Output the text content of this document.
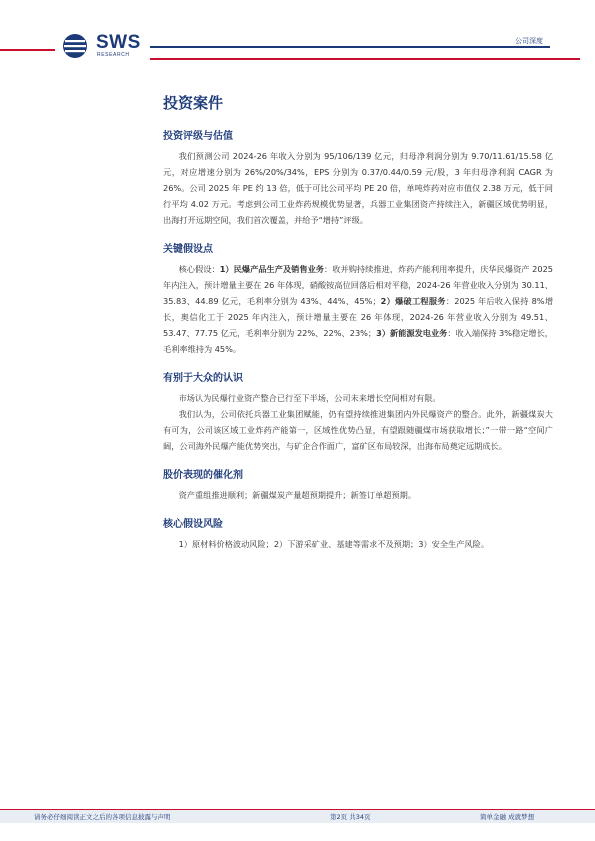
SWS
RESEARCH
公司深度
投资案件
投资评级与估值

我们预测公司 2024-26 年收入分别为 95/106/139 亿元，归母净利润分别为 9.70/11.61/15.58 亿元，对应增速分别为 26%/20%/34%，EPS 分别为 0.37/0.44/0.59 元/股，3 年归母净利润 CAGR 为 26%。公司 2025 年 PE 约 13 倍，低于可比公司平均 PE 20 倍，单吨炸药对应市值仅 2.38 万元，低于同行平均 4.02 万元。考虑到公司工业炸药规模优势显著，兵器工业集团资产持续注入，新疆区域优势明显，出海打开远期空间，我们首次覆盖，并给予“增持”评级。

关键假设点

核心假设：1）民爆产品生产及销售业务：收并购持续推进，炸药产能利用率提升，庆华民爆资产 2025 年内注入，预计增量主要在 26 年体现，硝酸铵高位回落后相对平稳，2024-26 年营业收入分别为 30.11、35.83、44.89 亿元，毛利率分别为 43%、44%、45%；2）爆破工程服务：2025 年后收入保持 8%增长，奥信化工于 2025 年内注入，预计增量主要在 26 年体现，2024-26 年营业收入分别为 49.51、53.47、77.75 亿元，毛利率分别为 22%、22%、23%；3）新能源发电业务：收入端保持 3%稳定增长，毛利率维持为 45%。

有别于大众的认识

市场认为民爆行业资产整合已行至下半场，公司未来增长空间相对有限。

我们认为，公司依托兵器工业集团赋能，仍有望持续推进集团内外民爆资产的整合。此外，新疆煤炭大有可为，公司该区域工业炸药产能第一，区域性优势凸显，有望跟随疆煤市场获取增长；”一带一路“空间广阔，公司海外民爆产能优势突出，与矿企合作面广，富矿区布局较深，出海布局奠定远期成长。

股价表现的催化剂

资产重组推进顺利；新疆煤炭产量超预期提升；新签订单超预期。

核心假设风险

1）原材料价格波动风险；2）下游采矿业、基建等需求不及预期；3）安全生产风险。

请务必仔细阅读正文之后的各项信息披露与声明	第2页 共34页	简单金融 成就梦想
